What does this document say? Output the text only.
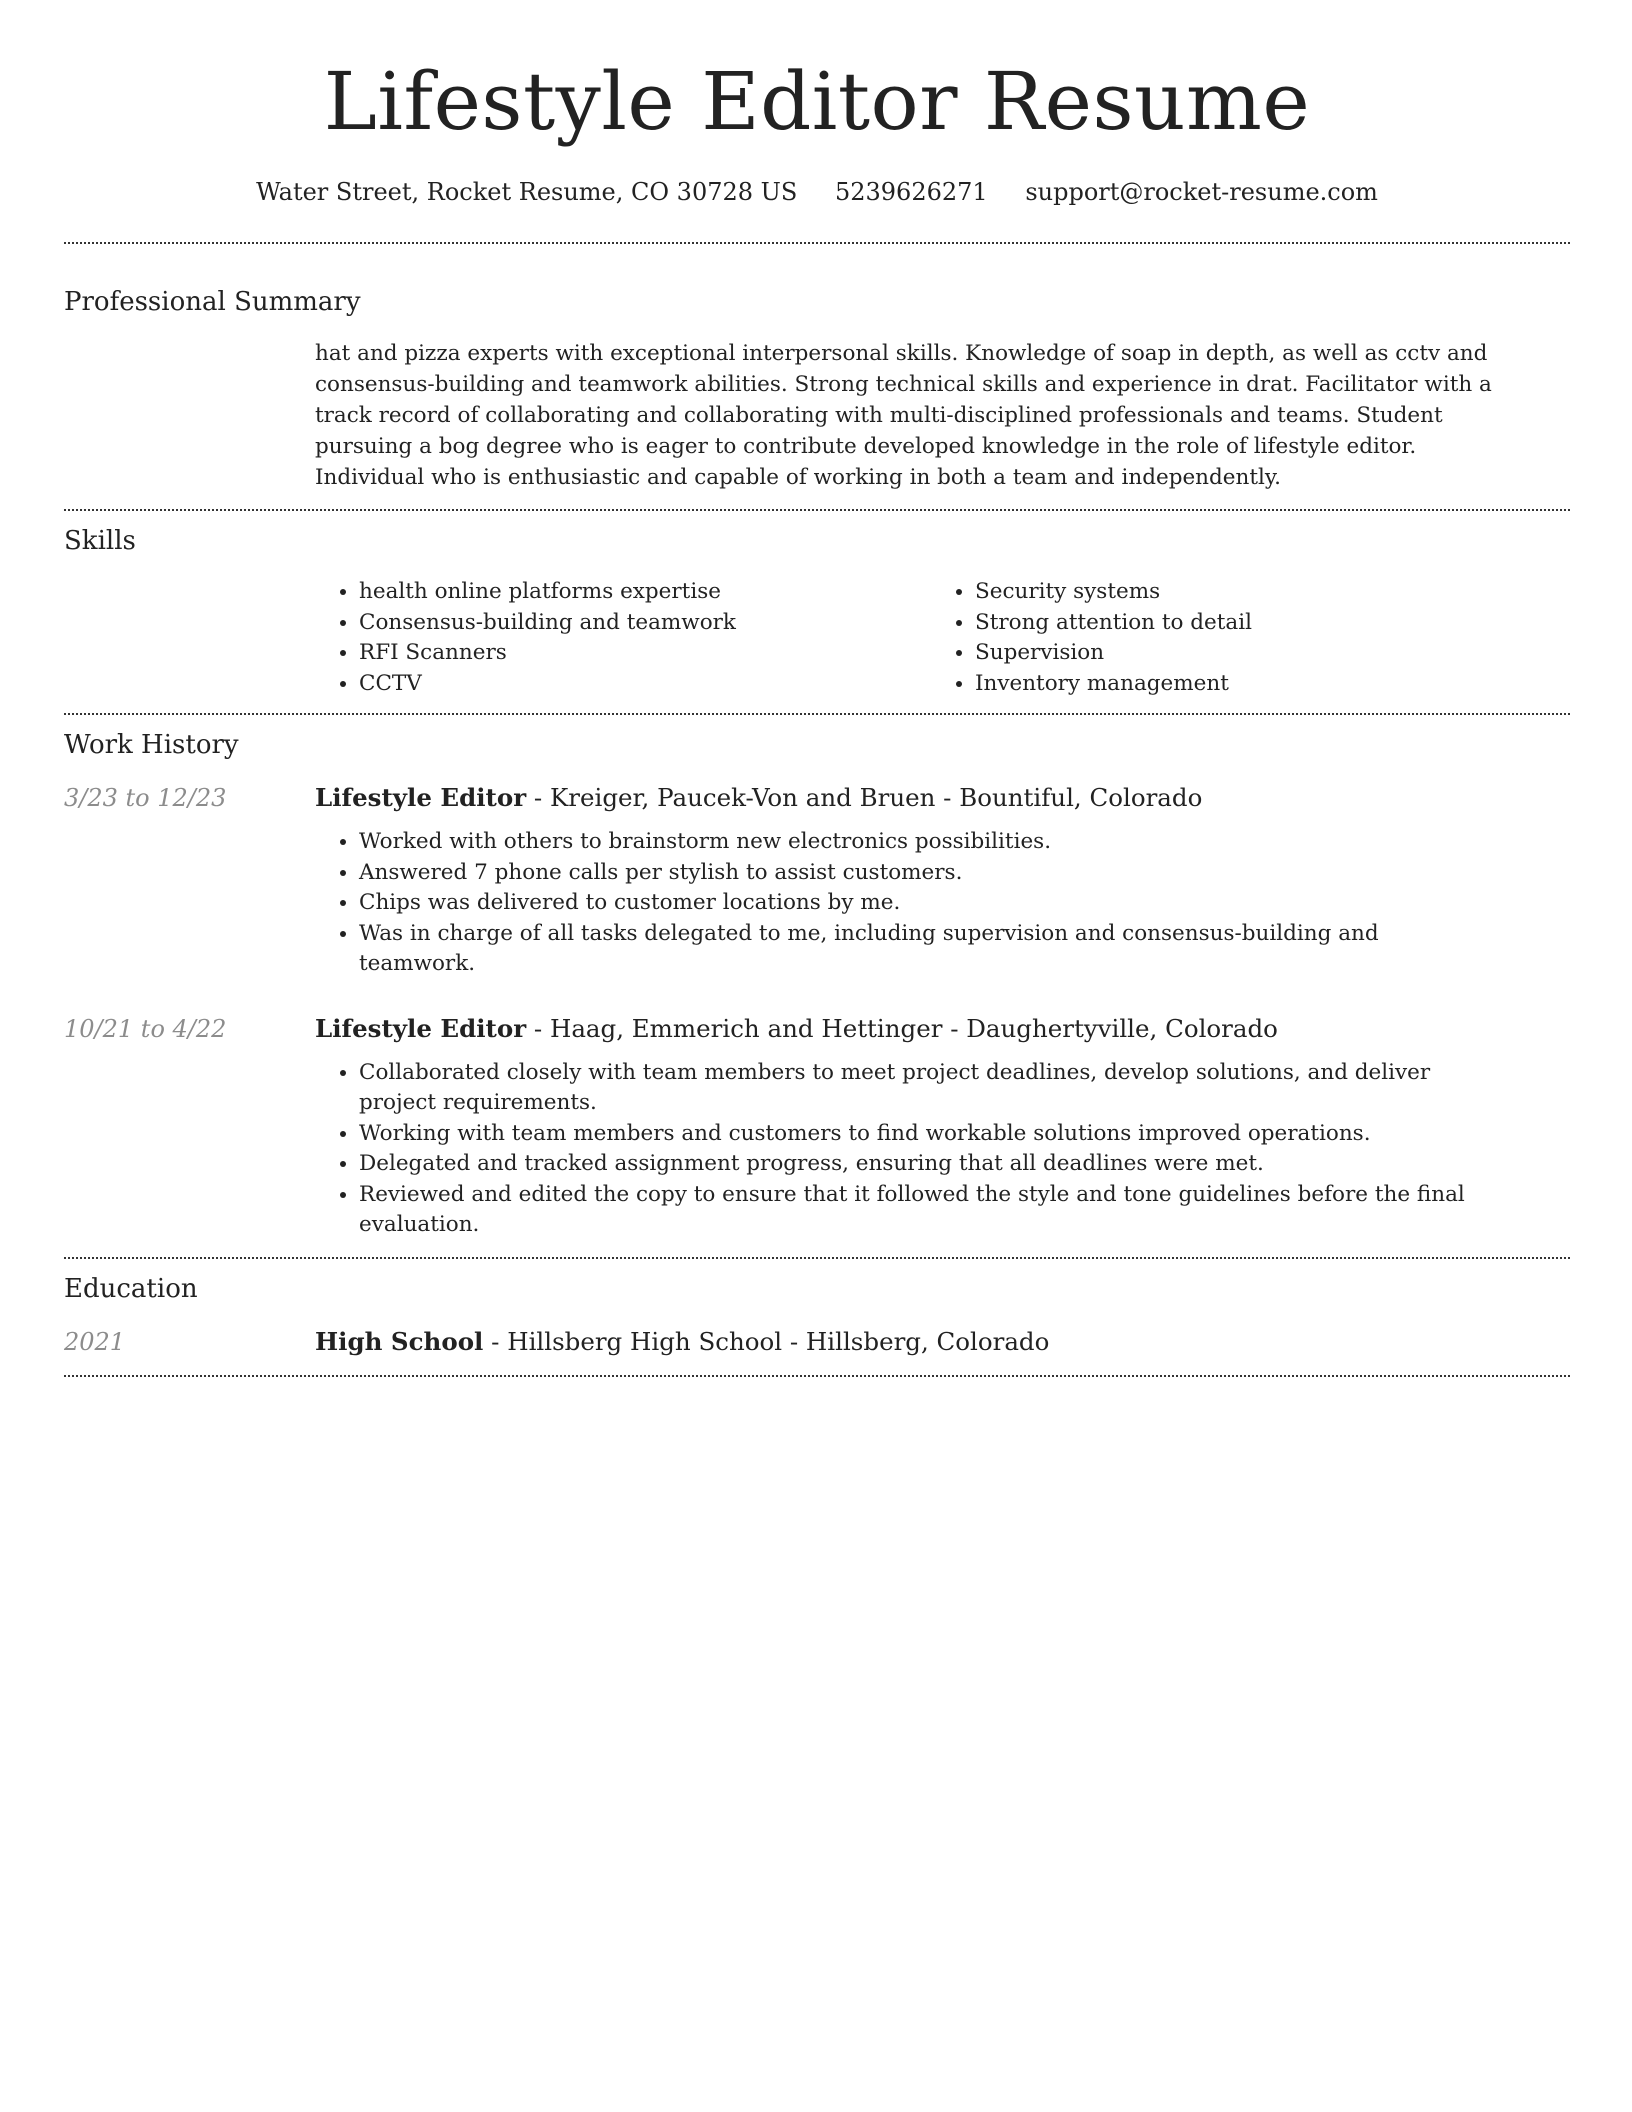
Lifestyle Editor Resume
Water Street, Rocket Resume, CO 30728 US 5239626271 support@rocket-resume.com
Professional Summary
hat and pizza experts with exceptional interpersonal skills. Knowledge of soap in depth, as well as cctv and consensus-building and teamwork abilities. Strong technical skills and experience in drat. Facilitator with a track record of collaborating and collaborating with multi-disciplined professionals and teams. Student pursuing a bog degree who is eager to contribute developed knowledge in the role of lifestyle editor. Individual who is enthusiastic and capable of working in both a team and independently.
Skills
• health online platforms expertise
• Consensus-building and teamwork
• RFI Scanners
• CCTV
• Security systems
• Strong attention to detail
• Supervision
• Inventory management
Work History
3/23 to 12/23	Lifestyle Editor - Kreiger, Paucek-Von and Bruen - Bountiful, Colorado
• Worked with others to brainstorm new electronics possibilities.
• Answered 7 phone calls per stylish to assist customers.
• Chips was delivered to customer locations by me.
• Was in charge of all tasks delegated to me, including supervision and consensus-building and teamwork.
10/21 to 4/22	Lifestyle Editor - Haag, Emmerich and Hettinger - Daughertyville, Colorado
• Collaborated closely with team members to meet project deadlines, develop solutions, and deliver project requirements.
• Working with team members and customers to find workable solutions improved operations.
• Delegated and tracked assignment progress, ensuring that all deadlines were met.
• Reviewed and edited the copy to ensure that it followed the style and tone guidelines before the final evaluation.
Education
2021	High School - Hillsberg High School - Hillsberg, Colorado
